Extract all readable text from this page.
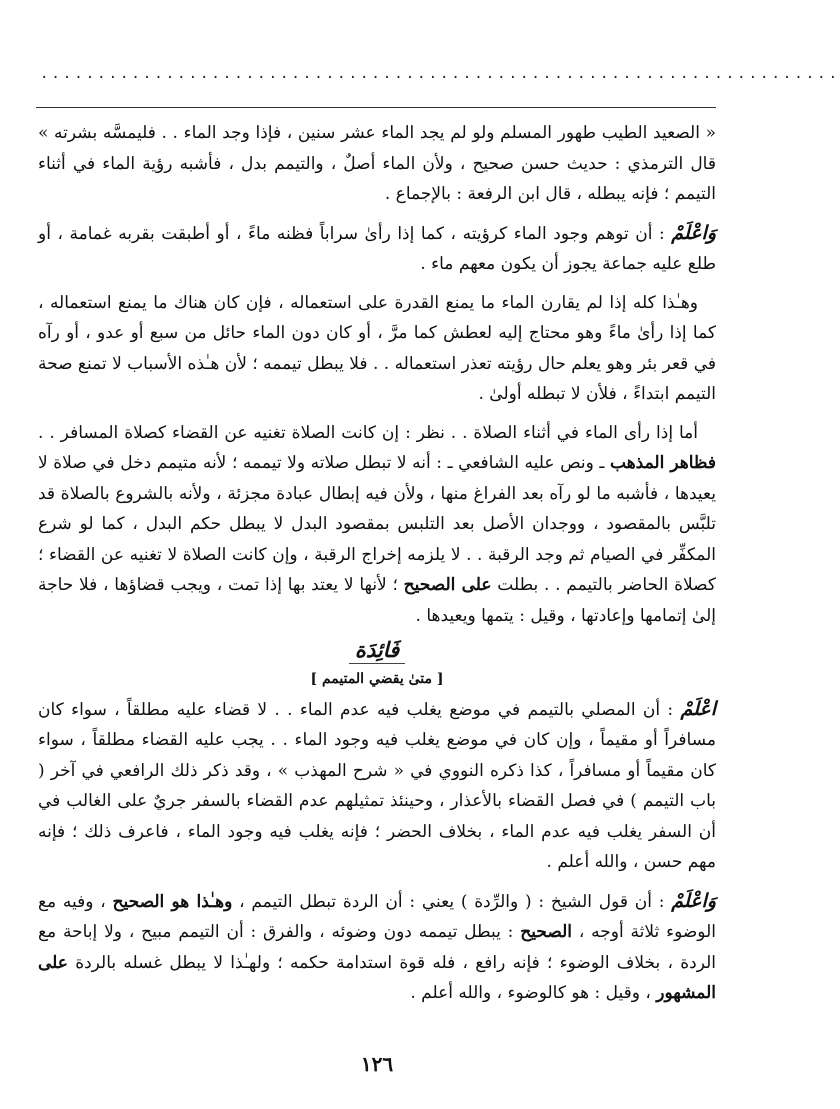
......................................................................

« الصعيد الطيب طهور المسلم ولو لم يجد الماء عشر سنين ، فإذا وجد الماء . . فليمسَّه بشرته » قال الترمذي : حديث حسن صحيح ، ولأن الماء أصلٌ ، والتيمم بدل ، فأشبه رؤية الماء في أثناء التيمم ؛ فإنه يبطله ، قال ابن الرفعة : بالإجماع .

وَاعْلَمْ : أن توهم وجود الماء كرؤيته ، كما إذا رأىٰ سراباً فظنه ماءً ، أو أطبقت بقربه غمامة ، أو طلع عليه جماعة يجوز أن يكون معهم ماء .

وهـٰذا كله إذا لم يقارن الماء ما يمنع القدرة على استعماله ، فإن كان هناك ما يمنع استعماله ، كما إذا رأىٰ ماءً وهو محتاج إليه لعطش كما مرَّ ، أو كان دون الماء حائل من سبع أو عدو ، أو رآه في قعر بئر وهو يعلم حال رؤيته تعذر استعماله . . فلا يبطل تيممه ؛ لأن هـٰذه الأسباب لا تمنع صحة التيمم ابتداءً ، فلأن لا تبطله أولىٰ .

أما إذا رأى الماء في أثناء الصلاة . . نظر : إن كانت الصلاة تغنيه عن القضاء كصلاة المسافر . . فظاهر المذهب ـ ونص عليه الشافعي ـ : أنه لا تبطل صلاته ولا تيممه ؛ لأنه متيمم دخل في صلاة لا يعيدها ، فأشبه ما لو رآه بعد الفراغ منها ، ولأن فيه إبطال عبادة مجزئة ، ولأنه بالشروع بالصلاة قد تلبَّس بالمقصود ، ووجدان الأصل بعد التلبس بمقصود البدل لا يبطل حكم البدل ، كما لو شرع المكفِّر في الصيام ثم وجد الرقبة . . لا يلزمه إخراج الرقبة ، وإن كانت الصلاة لا تغنيه عن القضاء ؛ كصلاة الحاضر بالتيمم . . بطلت على الصحيح ؛ لأنها لا يعتد بها إذا تمت ، ويجب قضاؤها ، فلا حاجة إلىٰ إتمامها وإعادتها ، وقيل : يتمها ويعيدها .

فَائِدَة
[ متىٰ يقضي المتيمم ]

اعْلَمْ : أن المصلي بالتيمم في موضع يغلب فيه عدم الماء . . لا قضاء عليه مطلقاً ، سواء كان مسافراً أو مقيماً ، وإن كان في موضع يغلب فيه وجود الماء . . يجب عليه القضاء مطلقاً ، سواء كان مقيماً أو مسافراً ، كذا ذكره النووي في « شرح المهذب » ، وقد ذكر ذلك الرافعي في آخر ( باب التيمم ) في فصل القضاء بالأعذار ، وحينئذ تمثيلهم عدم القضاء بالسفر جريٌ على الغالب في أن السفر يغلب فيه عدم الماء ، بخلاف الحضر ؛ فإنه يغلب فيه وجود الماء ، فاعرف ذلك ؛ فإنه مهم حسن ، والله أعلم .

وَاعْلَمْ : أن قول الشيخ : ( والرِّدة ) يعني : أن الردة تبطل التيمم ، وهـٰذا هو الصحيح ، وفيه مع الوضوء ثلاثة أوجه ، الصحيح : يبطل تيممه دون وضوئه ، والفرق : أن التيمم مبيح ، ولا إباحة مع الردة ، بخلاف الوضوء ؛ فإنه رافع ، فله قوة استدامة حكمه ؛ ولهـٰذا لا يبطل غسله بالردة على المشهور ، وقيل : هو كالوضوء ، والله أعلم .

١٢٦
